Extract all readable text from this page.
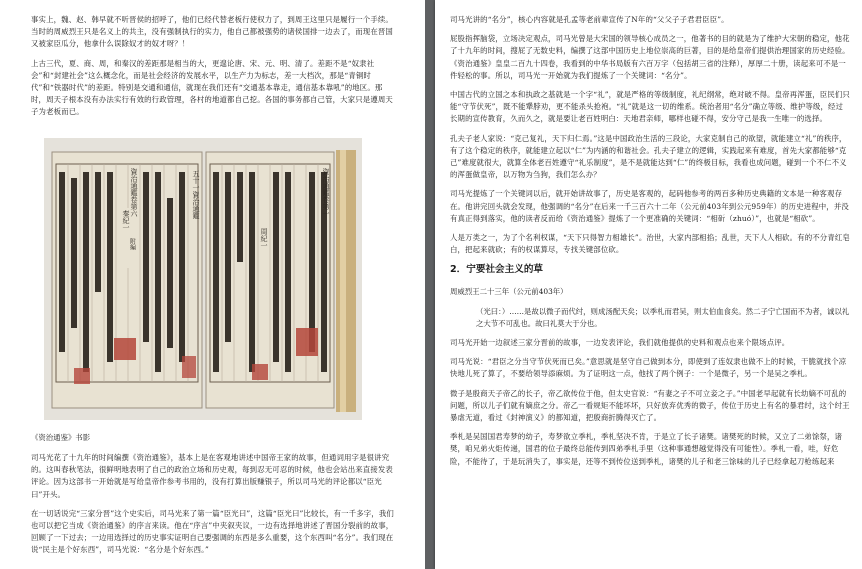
事实上，魏、赵、韩早就不听晋侯的招呼了，他们已经代替老板行使权力了，到周王这里只是履行一个手续。当时的周威烈王只是名义上的共主，没有强制执行的实力，他自己都被强势的诸侯国排一边去了，而现在晋国又被家臣瓜分，他拿什么误除奴才的奴才呀？！

上古三代，夏、商、周，和秦汉的差距那是相当的大，更遑论唐、宋、元、明、清了。差距不是“奴隶社会”和“封建社会”这么概念化，而是社会经济的发展水平，以生产力为标志，差一大档次，那是“青铜时代”和“铁器时代”的差距。特别是交通和通信，就现在我们还有“交通基本靠走，通信基本靠吼”的地区。那时，周天子根本没有办法实行有效的行政管理，各村的地道都自己挖。各国的事务都自己管，大家只是遵周天子为老板而已。

五十一資治通鑑	資治通鑑卷第一
周紀一
資治通鑑卷第六
秦紀一
附編
《资治通鉴》书影

司马光花了十九年的时间编撰《资治通鉴》，基本上是在客观地讲述中国帝王家的故事，但通词用字是很讲究的。这叫春秋笔法，很鲜明地表明了自己的政治立场和历史观，每到忍无可忍的时候，他也会站出来直接发表评论。因为这部书一开始就是写给皇帝作参考书用的，没有打算出版赚银子，所以司马光的评论都以“臣光曰”开头。

在一切话说完“三家分晋”这个史实后，司马光来了第一篇“臣光曰”，这篇“臣光曰”比较长，有一千多字，我们也可以把它当成《资治通鉴》的序言来读。他在“序言”中夹叙夹议，一边有选择地讲述了晋国分裂前的故事，回顾了一下过去；一边用选择过的历史事实证明自己要强调的东西是多么重要，这个东西叫“名分”。我们现在说“民主是个好东西”，司马光说：“名分是个好东西。”

司马光讲的“名分”，核心内容就是孔孟等老前辈宣传了N年的“父父子子君君臣臣”。

屁股指挥脑袋，立场决定观点，司马光曾是大宋国的领导核心成员之一，他著书的目的就是为了维护大宋朝的稳定，他花了十九年的时间，搜屁了无数史料，编撰了这部中国历史上地位崇高的巨著，目的是给皇帝们提供治理国家的历史经验。《资治通鉴》皇皇二百九十四卷，我看到的中华书局版有六百万字（包括胡三省的注释），厚厚二十册，读起来可不是一件轻松的事。所以，司马光一开始就为我们提炼了一个关键词：“名分”。

中国古代的立国之本和执政之基就是一个字“礼”，就是严格的等级制度，礼纪纲常，绝对破不得。皇帝再浑蛋，臣民们只能“守节伏死”，既不能犟脖劝，更不能杀头抢袍。“礼”就是这一切的维系。统治者用“名分”确立等级、维护等级，经过长期的宣传教育，久而久之，就是要让老百姓明白：天地君亲师，哪样也碰不得，安分守己是我一生唯一的选择。

孔夫子老人家说：“克己复礼，天下归仁焉。”这是中国政治生活的三段论，大家克制自己的欲望，就能建立“礼”的秩序，有了这个稳定的秩序，就能建立起以“仁”为内涵的和谐社会。孔夫子建立的逻辑，实践起来有难度，首先大家都能够“克己”难度就很大，就算全体老百姓遵守“礼乐制度”，是不是就能达到“仁”的终极目标，我看也成问题，碰到一个不仁不义的浑蛋做皇帝，以万物为刍狗，我们怎么办？

司马光提炼了一个关键词以后，就开始讲故事了，历史是客观的，起码他参考的两百多种历史典籍的文本是一种客观存在。他讲完回头就会发现，他强调的“名分”在后来一千三百六十二年（公元前403年到公元959年）的历史进程中，并没有真正得到落实，他的读者反而给《资治通鉴》提炼了一个更准确的关键词：“相斫（zhuó）”，也就是“相砍”。

人是万类之一，为了个名利权谋，“天下只得智力相雄长”。治世，大家内部相掐；乱世，天下人人相砍。有的不分青红皂白，把起来就砍；有的权谋算尽，专找关键部位砍。

2．宁要社会主义的草
周威烈王二十三年（公元前403年）
（光曰：）……是故以微子而代纣，则成汤配天矣；以季札而君吴，则太伯血食矣。然二子宁亡国而不为者，诚以礼之大节不可乱也。故曰礼莫大于分也。

司马光开始一边叙述三家分晋前的故事，一边发表评论，我们就他提供的史料和观点也来个限场点评。

司马光说：“君臣之分当守节伏死而已矣。”意思就是坚守自己做到本分，即使到了连奴隶也做不上的时候，干脆就找个凉快地儿死了算了，不要给领导添麻烦。为了证明这一点，他找了两个例子：一个是微子，另一个是吴之季札。

微子是殷商天子帝乙的长子，帝乙欲传位于他，但太史官说：“有妻之子不可立妾之子。”中国老早起就有长幼嫡不可乱的问题，所以儿子们就有嫡庶之分。帝乙一看规矩不能坏坏，只好放弃优秀的微子，传位于历史上有名的暴君纣，这个纣王暴虐无道，看过《封神演义》的都知道，把殷商折腾得灭亡了。

季札是吴国国君寿梦的幼子，寿梦欲立季札，季札坚决不肯，于是立了长子诸樊。诸樊死的时候，又立了二弟馀祭，诸樊，咱兄弟火炬传递，国君的位子最终总能传到四弟季札手里（这种事通想越觉得没有可能性）。季札一看，哇，好危险，不能待了，于是玩消失了，事实是，还等不到传位送到季札，诸樊的儿子和老三馀味的儿子已经拿起刀枪练起来
